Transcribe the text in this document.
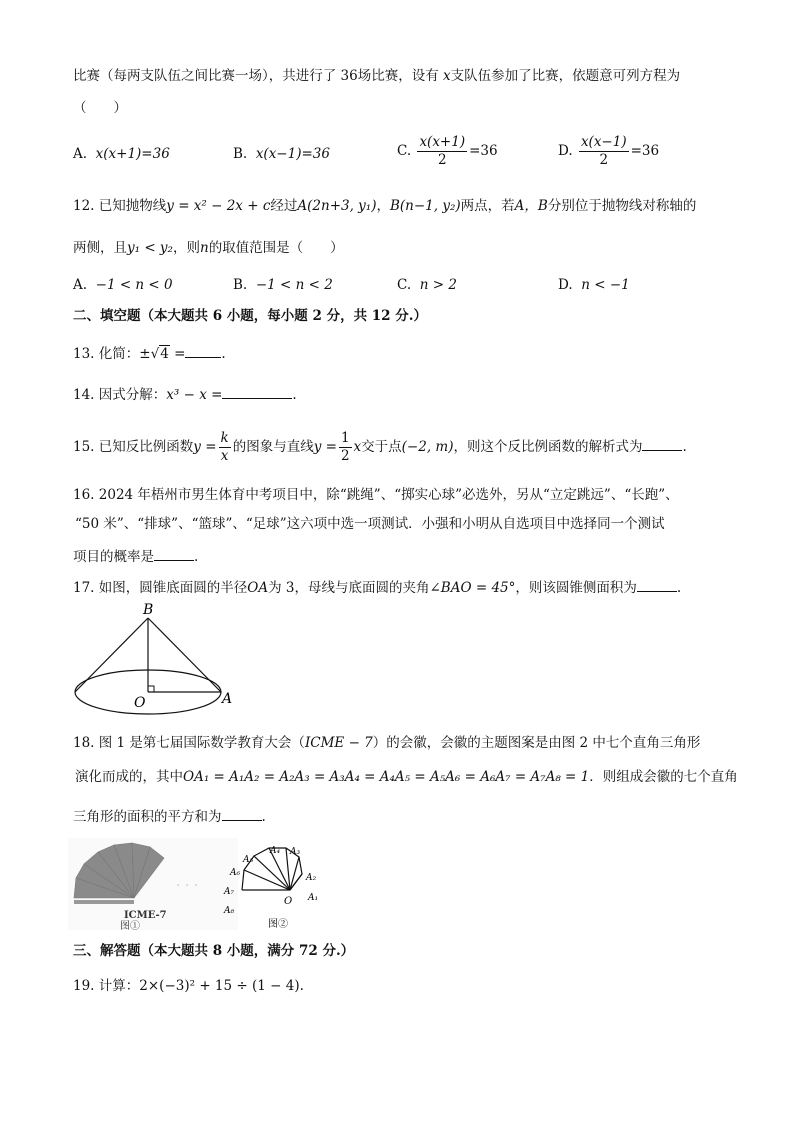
比赛（每两支队伍之间比赛一场），共进行了 36场比赛，设有 x支队伍参加了比赛，依题意可列方程为
（　　）
A. x(x+1)=36	B. x(x−1)=36	C. $\frac{x(x+1)}{2} =36$	D. $\frac{x(x-1)}{2} =36$
12. 已知抛物线y = x² − 2x + c经过A(2n+3, y₁)，B(n−1, y₂)两点，若A，B分别位于抛物线对称轴的
两侧，且y₁ < y₂，则n的取值范围是（　　）
A. −1 < n < 0	B. −1 < n < 2	C. n > 2	D. n < −1
二、填空题（本大题共 6 小题，每小题 2 分，共 12 分.）
13. 化简：±√4 =	.
14. 因式分解：x³ − x =	.
15. 已知反比例函数$y = \frac{k}{x}$ 的图象与直线$y = \frac{1}{2}$ x交于点(−2, m)，则这个反比例函数的解析式为	.
16. 2024 年梧州市男生体育中考项目中，除“跳绳”、“掷实心球”必选外，另从“立定跳远”、“长跑”、
“50 米”、“排球”、“篮球”、“足球”这六项中选一项测试．小强和小明从自选项目中选择同一个测试
项目的概率是	.
17. 如图，圆锥底面圆的半径OA为 3，母线与底面圆的夹角∠BAO = 45°，则该圆锥侧面积为	.
B
O	A
18. 图 1 是第七届国际数学教育大会（ICME − 7）的会徽，会徽的主题图案是由图 2 中七个直角三角形
演化而成的，其中OA₁ = A₁A₂ = A₂A₃ = A₃A₄ = A₄A₅ = A₅A₆ = A₆A₇ = A₇A₈ = 1．则组成会徽的七个直角
三角形的面积的平方和为	.
ICME-7
图①
· · ·	A₂
A₁
A₃
A₄
A₅
A₆
A₇
A₈
O
图②
三、解答题（本大题共 8 小题，满分 72 分.）
19. 计算：2×(−3)² + 15 ÷ (1 − 4).
